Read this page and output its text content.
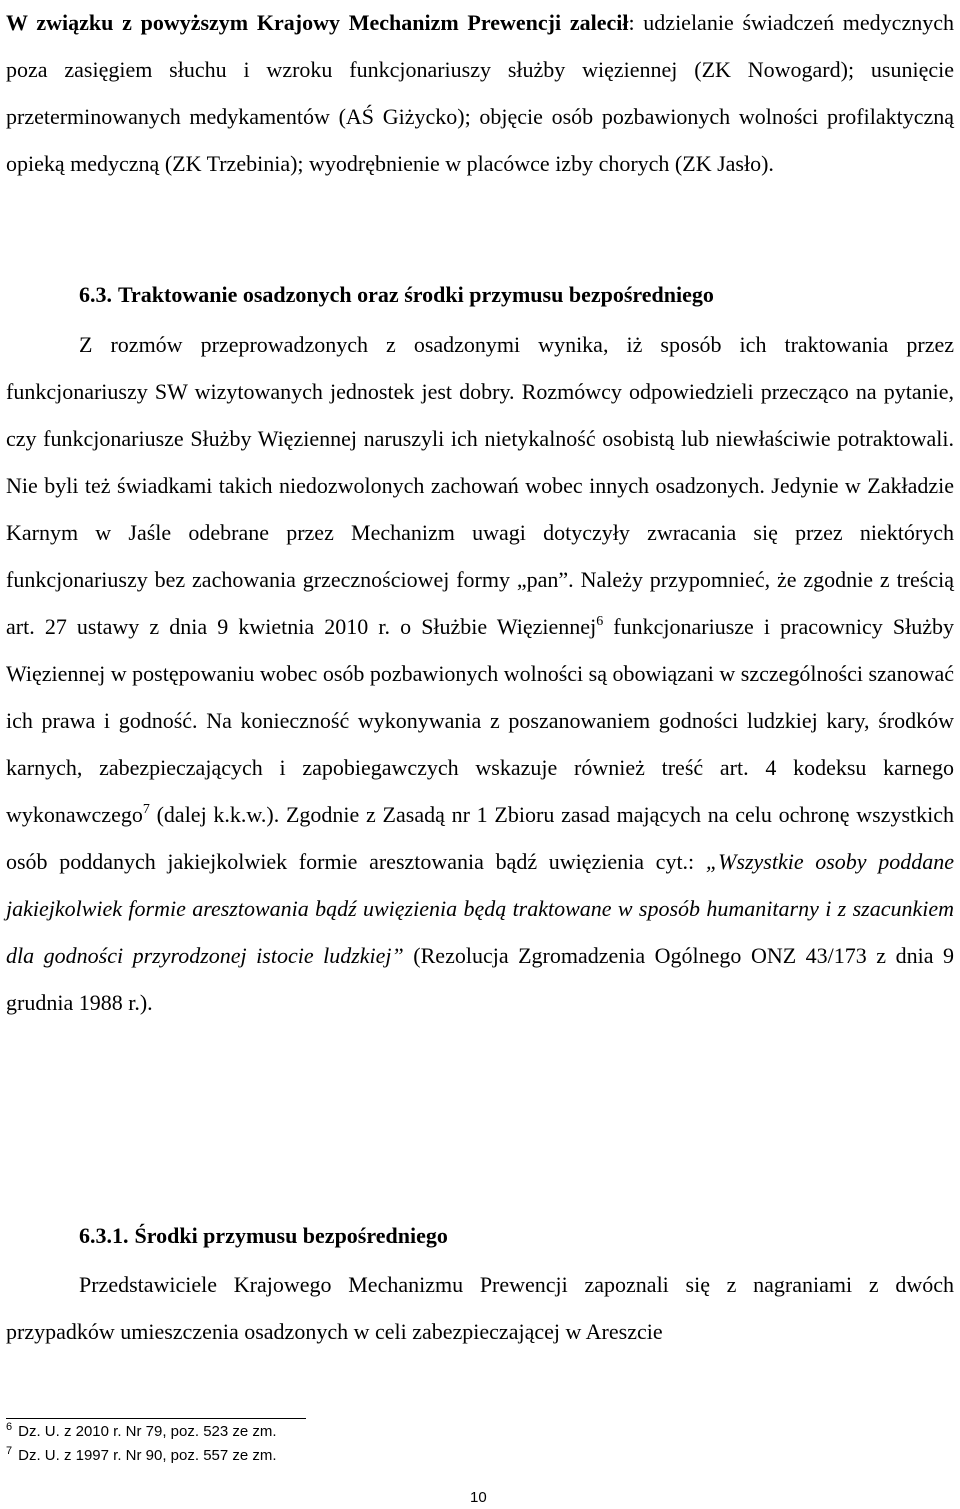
W związku z powyższym Krajowy Mechanizm Prewencji zalecił: udzielanie świadczeń medycznych poza zasięgiem słuchu i wzroku funkcjonariuszy służby więziennej (ZK Nowogard); usunięcie przeterminowanych medykamentów (AŚ Giżycko); objęcie osób pozbawionych wolności profilaktyczną opieką medyczną (ZK Trzebinia); wyodrębnienie w placówce izby chorych (ZK Jasło).

6.3. Traktowanie osadzonych oraz środki przymusu bezpośredniego

Z rozmów przeprowadzonych z osadzonymi wynika, iż sposób ich traktowania przez funkcjonariuszy SW wizytowanych jednostek jest dobry. Rozmówcy odpowiedzieli przecząco na pytanie, czy funkcjonariusze Służby Więziennej naruszyli ich nietykalność osobistą lub niewłaściwie potraktowali. Nie byli też świadkami takich niedozwolonych zachowań wobec innych osadzonych. Jedynie w Zakładzie Karnym w Jaśle odebrane przez Mechanizm uwagi dotyczyły zwracania się przez niektórych funkcjonariuszy bez zachowania grzecznościowej formy „pan”. Należy przypomnieć, że zgodnie z treścią art. 27 ustawy z dnia 9 kwietnia 2010 r. o Służbie Więziennej$^6$ funkcjonariusze i pracownicy Służby Więziennej w postępowaniu wobec osób pozbawionych wolności są obowiązani w szczególności szanować ich prawa i godność. Na konieczność wykonywania z poszanowaniem godności ludzkiej kary, środków karnych, zabezpieczających i zapobiegawczych wskazuje również treść art. 4 kodeksu karnego wykonawczego$^7$ (dalej k.k.w.). Zgodnie z Zasadą nr 1 Zbioru zasad mających na celu ochronę wszystkich osób poddanych jakiejkolwiek formie aresztowania bądź uwięzienia cyt.: „Wszystkie osoby poddane jakiejkolwiek formie aresztowania bądź uwięzienia będą traktowane w sposób humanitarny i z szacunkiem dla godności przyrodzonej istocie ludzkiej” (Rezolucja Zgromadzenia Ogólnego ONZ 43/173 z dnia 9 grudnia 1988 r.).

6.3.1. Środki przymusu bezpośredniego

Przedstawiciele Krajowego Mechanizmu Prewencji zapoznali się z nagraniami z dwóch przypadków umieszczenia osadzonych w celi zabezpieczającej w Areszcie

$^6$ Dz. U. z 2010 r. Nr 79, poz. 523 ze zm.
$^7$ Dz. U. z 1997 r. Nr 90, poz. 557 ze zm.
10
